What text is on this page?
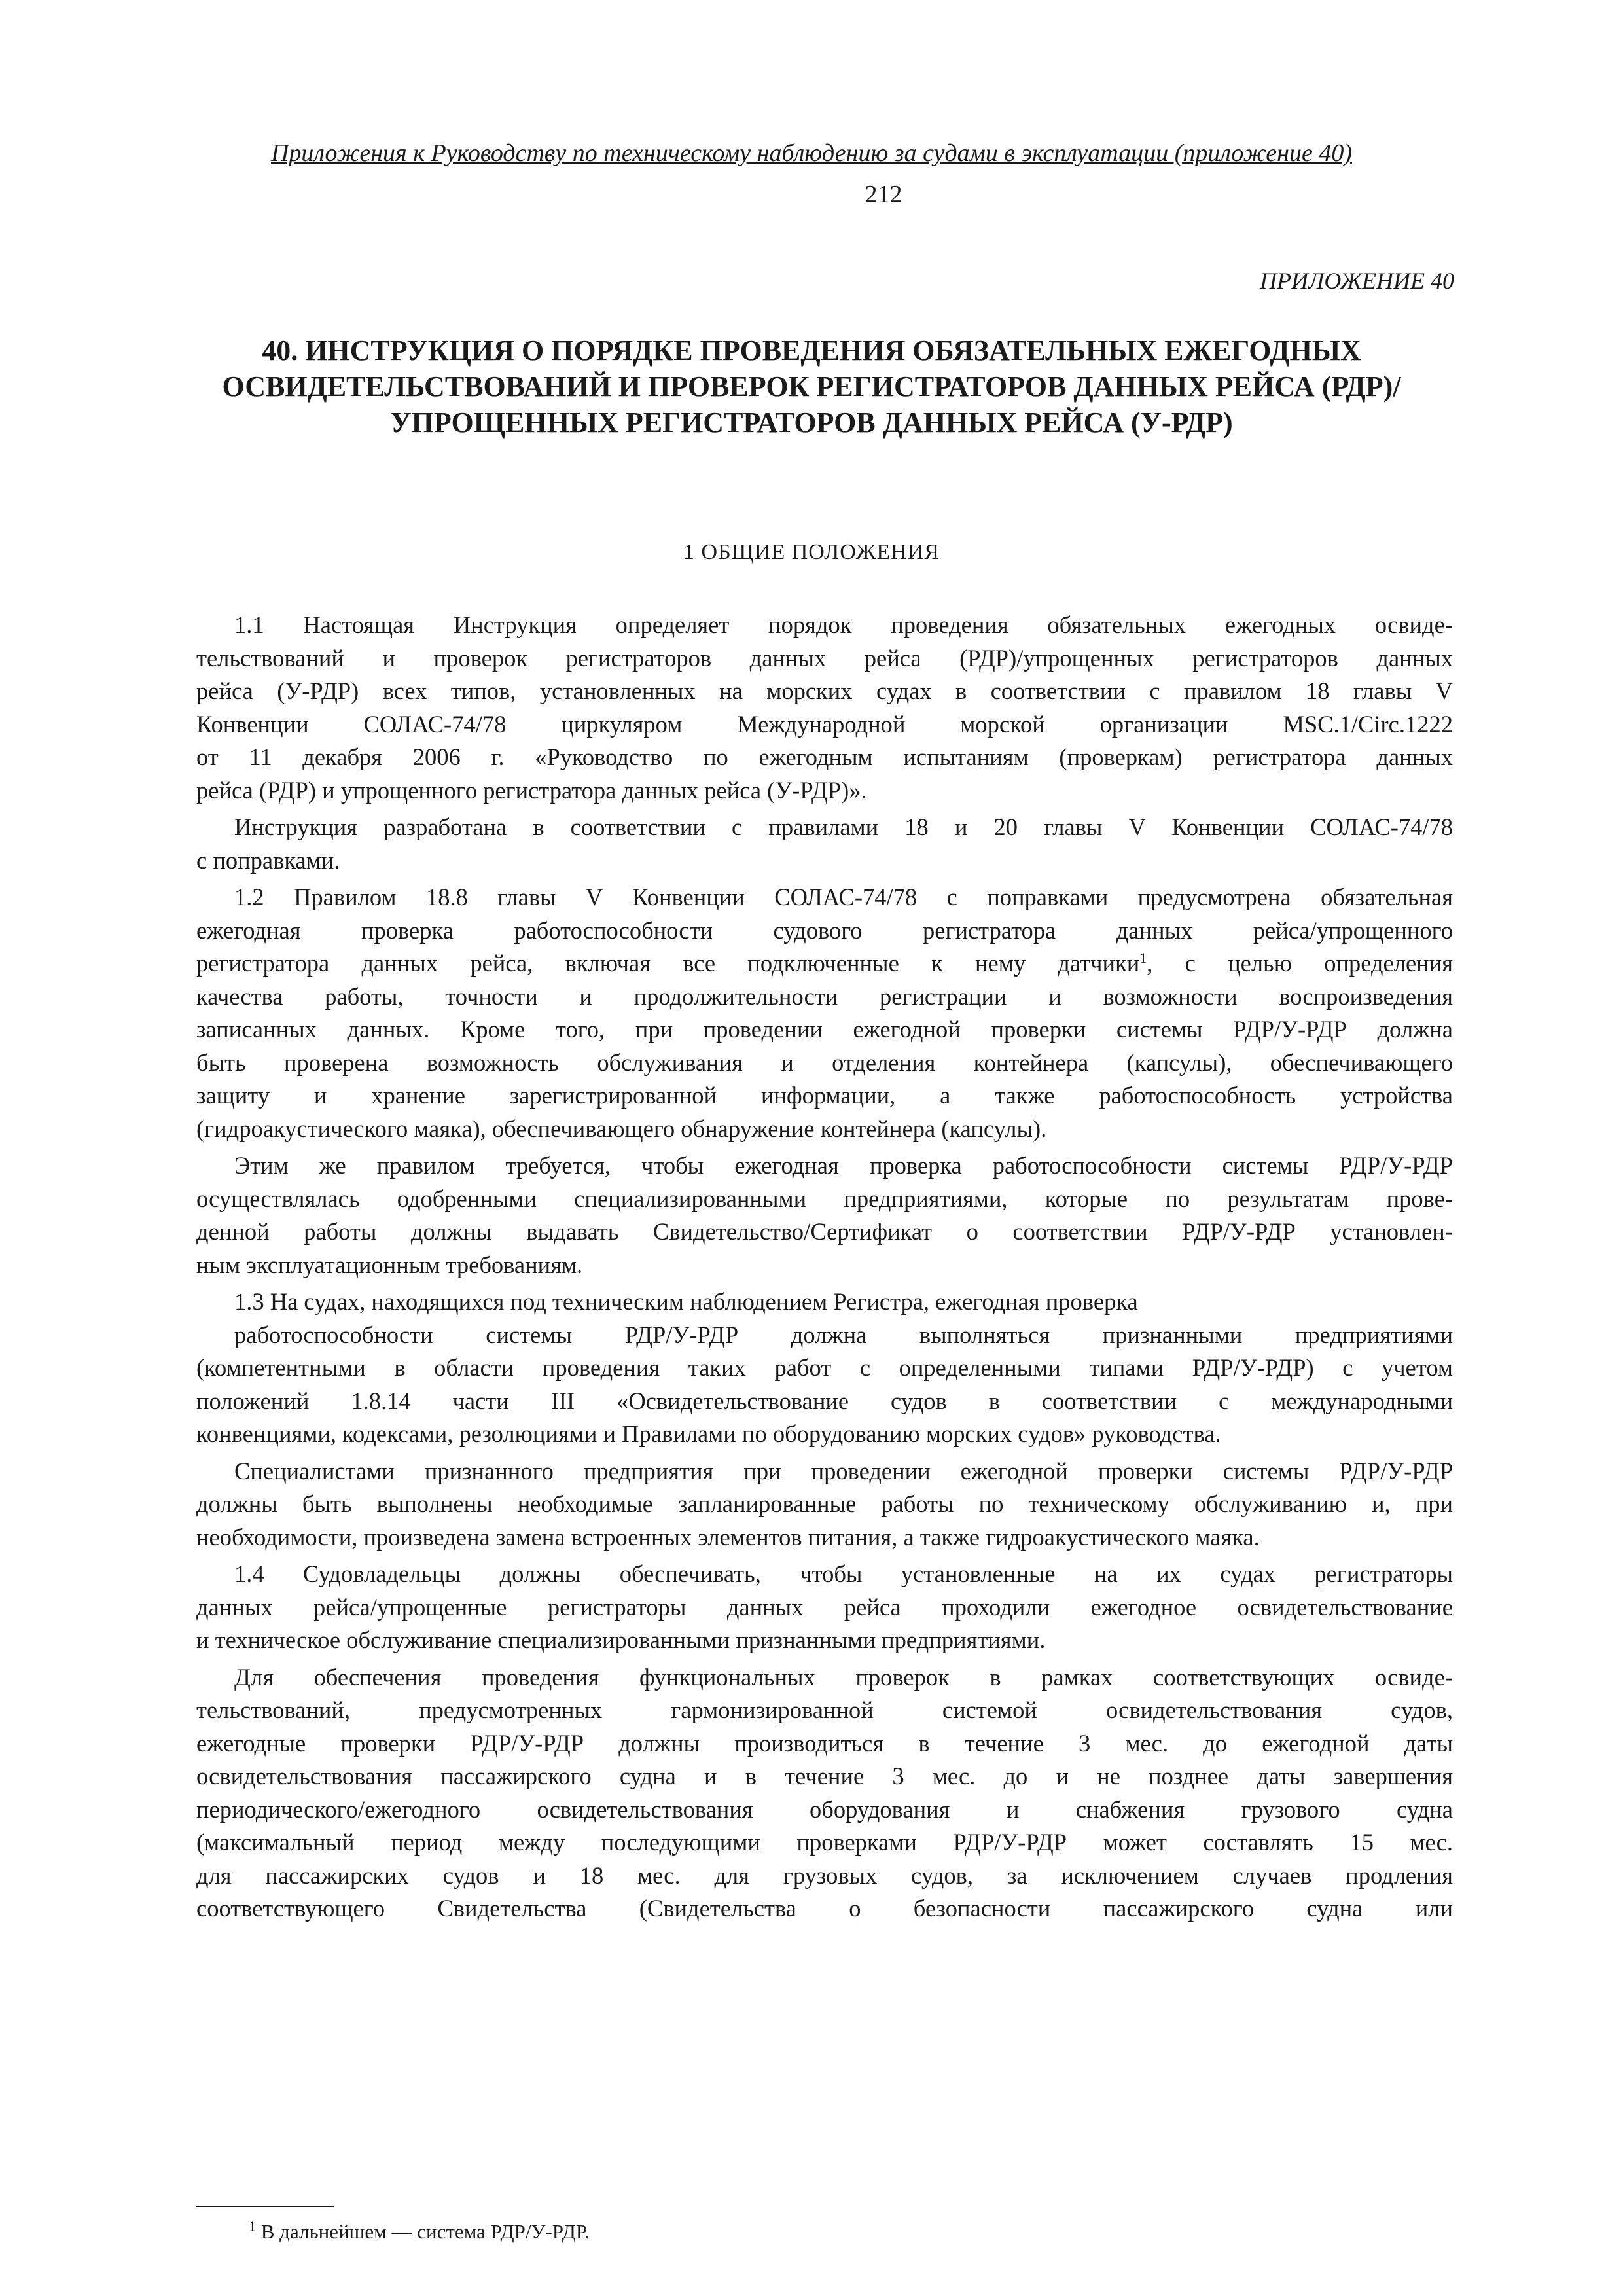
Приложения к Руководству по техническому наблюдению за судами в эксплуатации (приложение 40)
212
ПРИЛОЖЕНИЕ 40
40. ИНСТРУКЦИЯ О ПОРЯДКЕ ПРОВЕДЕНИЯ ОБЯЗАТЕЛЬНЫХ ЕЖЕГОДНЫХ
ОСВИДЕТЕЛЬСТВОВАНИЙ И ПРОВЕРОК РЕГИСТРАТОРОВ ДАННЫХ РЕЙСА (РДР)/
УПРОЩЕННЫХ РЕГИСТРАТОРОВ ДАННЫХ РЕЙСА (У-РДР)
1 ОБЩИЕ ПОЛОЖЕНИЯ

1.1 Настоящая Инструкция определяет порядок проведения обязательных ежегодных освиде-
тельствований и проверок регистраторов данных рейса (РДР)/упрощенных регистраторов данных
рейса (У-РДР) всех типов, установленных на морских судах в соответствии с правилом 18 главы V
Конвенции СОЛАС-74/78 циркуляром Международной морской организации MSC.1/Circ.1222
от 11 декабря 2006 г. «Руководство по ежегодным испытаниям (проверкам) регистратора данных
рейса (РДР) и упрощенного регистратора данных рейса (У-РДР)».

Инструкция разработана в соответствии с правилами 18 и 20 главы V Конвенции СОЛАС-74/78
с поправками.

1.2 Правилом 18.8 главы V Конвенции СОЛАС-74/78 с поправками предусмотрена обязательная
ежегодная проверка работоспособности судового регистратора данных рейса/упрощенного
регистратора данных рейса, включая все подключенные к нему датчики$^1$, с целью определения
качества работы, точности и продолжительности регистрации и возможности воспроизведения
записанных данных. Кроме того, при проведении ежегодной проверки системы РДР/У-РДР должна
быть проверена возможность обслуживания и отделения контейнера (капсулы), обеспечивающего
защиту и хранение зарегистрированной информации, а также работоспособность устройства
(гидроакустического маяка), обеспечивающего обнаружение контейнера (капсулы).

Этим же правилом требуется, чтобы ежегодная проверка работоспособности системы РДР/У-РДР
осуществлялась одобренными специализированными предприятиями, которые по результатам прове-
денной работы должны выдавать Свидетельство/Сертификат о соответствии РДР/У-РДР установлен-
ным эксплуатационным требованиям.

1.3 На судах, находящихся под техническим наблюдением Регистра, ежегодная проверка
работоспособности системы РДР/У-РДР должна выполняться признанными предприятиями
(компетентными в области проведения таких работ с определенными типами РДР/У-РДР) с учетом
положений 1.8.14 части III «Освидетельствование судов в соответствии с международными
конвенциями, кодексами, резолюциями и Правилами по оборудованию морских судов» руководства.

Специалистами признанного предприятия при проведении ежегодной проверки системы РДР/У-РДР
должны быть выполнены необходимые запланированные работы по техническому обслуживанию и, при
необходимости, произведена замена встроенных элементов питания, а также гидроакустического маяка.

1.4 Судовладельцы должны обеспечивать, чтобы установленные на их судах регистраторы
данных рейса/упрощенные регистраторы данных рейса проходили ежегодное освидетельствование
и техническое обслуживание специализированными признанными предприятиями.

Для обеспечения проведения функциональных проверок в рамках соответствующих освиде-
тельствований, предусмотренных гармонизированной системой освидетельствования судов,
ежегодные проверки РДР/У-РДР должны производиться в течение 3 мес. до ежегодной даты
освидетельствования пассажирского судна и в течение 3 мес. до и не позднее даты завершения
периодического/ежегодного освидетельствования оборудования и снабжения грузового судна
(максимальный период между последующими проверками РДР/У-РДР может составлять 15 мес.
для пассажирских судов и 18 мес. для грузовых судов, за исключением случаев продления
соответствующего Свидетельства (Свидетельства о безопасности пассажирского судна или

$^1$ В дальнейшем — система РДР/У-РДР.
